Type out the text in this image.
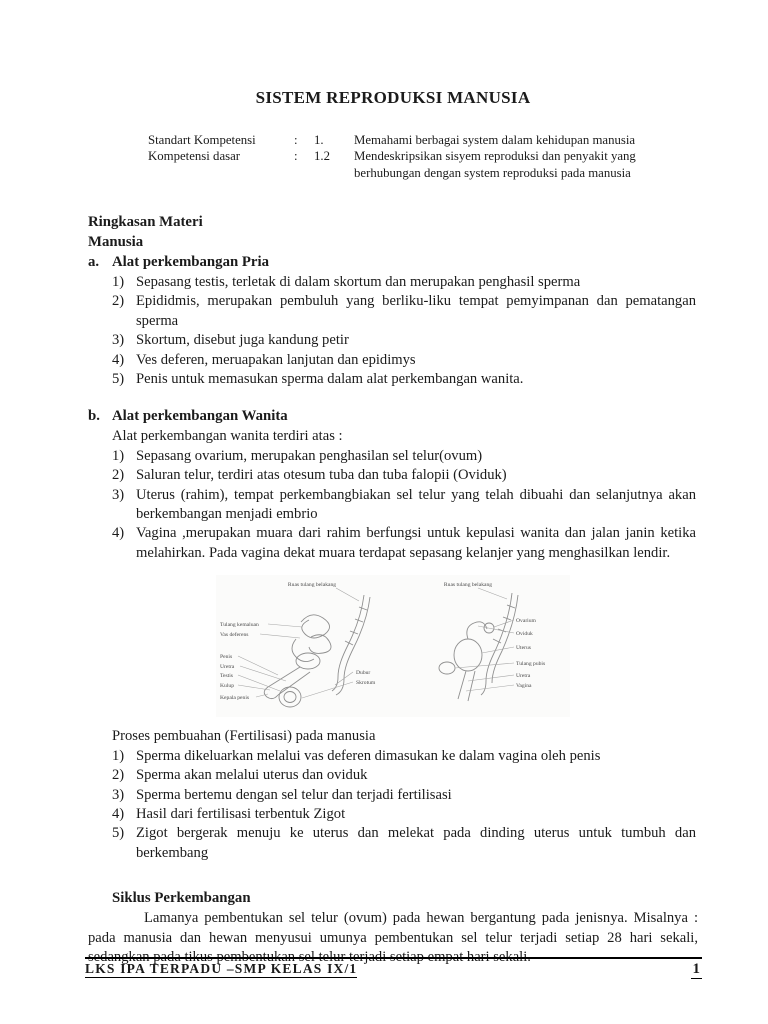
SISTEM REPRODUKSI MANUSIA
Standart Kompetensi	:	1.	Memahami berbagai system dalam kehidupan manusia
Kompetensi dasar	:	1.2	Mendeskripsikan sisyem reproduksi dan penyakit yang berhubungan dengan system reproduksi pada manusia
Ringkasan Materi
Manusia
a. Alat perkembangan Pria
1) Sepasang testis, terletak di dalam skortum dan merupakan penghasil sperma
2) Epididmis, merupakan pembuluh yang berliku-liku tempat pemyimpanan dan pematangan sperma
3) Skortum, disebut juga kandung petir
4) Ves deferen, meruapakan lanjutan dan epidimys
5) Penis untuk memasukan sperma dalam alat perkembangan wanita.
b. Alat perkembangan Wanita
Alat perkembangan wanita terdiri atas :
1) Sepasang ovarium, merupakan penghasilan sel telur(ovum)
2) Saluran telur, terdiri atas otesum tuba dan tuba falopii (Oviduk)
3) Uterus (rahim), tempat perkembangbiakan sel telur yang telah dibuahi dan selanjutnya akan berkembangan menjadi embrio
4) Vagina ,merupakan muara dari rahim berfungsi untuk kepulasi wanita dan jalan janin ketika melahirkan. Pada vagina dekat muara terdapat sepasang kelanjer yang menghasilkan lendir.
Ruas tulang belakang
Tulang kemaluan
Vas deferens
Penis
Uretra
Testis
Kulup
Kepala penis
Dubur
Skrotum
Ruas tulang belakang
Ovarium
Oviduk
Uterus
Tulang pubis
Uretra
Vagina
Proses pembuahan (Fertilisasi) pada manusia
1) Sperma dikeluarkan melalui vas deferen dimasukan ke dalam vagina oleh penis
2) Sperma akan melalui uterus dan oviduk
3) Sperma bertemu dengan sel telur dan terjadi fertilisasi
4) Hasil dari fertilisasi terbentuk Zigot
5) Zigot bergerak menuju ke uterus dan melekat pada dinding uterus untuk tumbuh dan berkembang
Siklus Perkembangan
Lamanya pembentukan sel telur (ovum) pada hewan bergantung pada jenisnya. Misalnya : pada manusia dan hewan menyusui umunya pembentukan sel telur terjadi setiap 28 hari sekali, sedangkan pada tikus pembentukan sel telur terjadi setiap empat hari sekali.
LKS IPA TERPADU –SMP KELAS IX/1	1
